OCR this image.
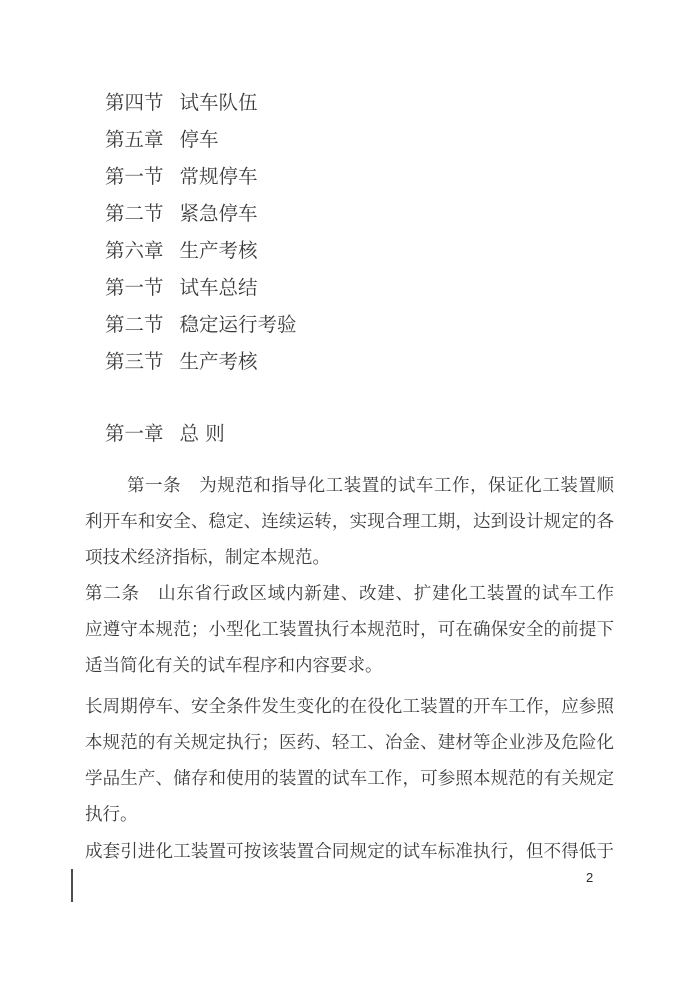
第四节 试车队伍
第五章 停车
第一节 常规停车
第二节 紧急停车
第六章 生产考核
第一节 试车总结
第二节 稳定运行考验
第三节 生产考核
第一章 总 则
第一条　为规范和指导化工装置的试车工作，保证化工装置顺
利开车和安全、稳定、连续运转，实现合理工期，达到设计规定的各
项技术经济指标，制定本规范。
第二条　山东省行政区域内新建、改建、扩建化工装置的试车工作
应遵守本规范；小型化工装置执行本规范时，可在确保安全的前提下
适当简化有关的试车程序和内容要求。
长周期停车、安全条件发生变化的在役化工装置的开车工作，应参照
本规范的有关规定执行；医药、轻工、冶金、建材等企业涉及危险化
学品生产、储存和使用的装置的试车工作，可参照本规范的有关规定
执行。
成套引进化工装置可按该装置合同规定的试车标准执行，但不得低于
2
